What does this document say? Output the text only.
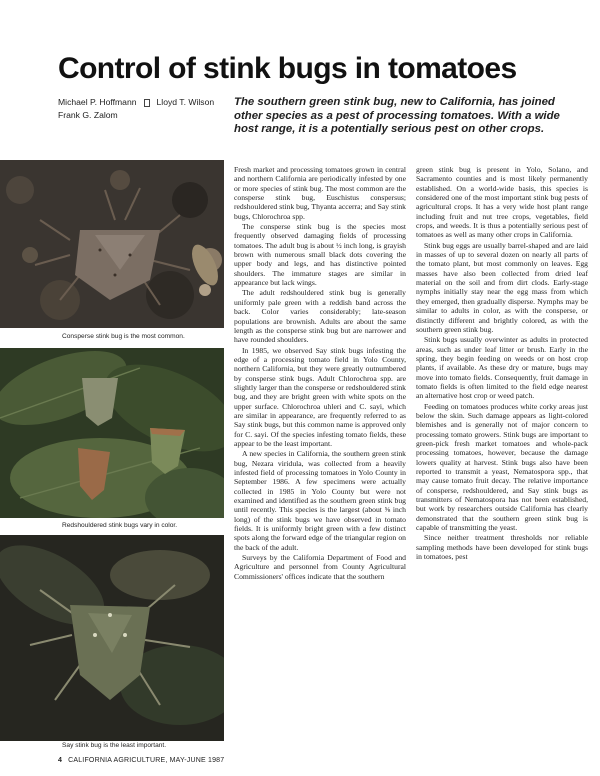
Control of stink bugs in tomatoes
Michael P. Hoffmann Lloyd T. Wilson
Frank G. Zalom
The southern green stink bug, new to California, has joined other species as a pest of processing tomatoes. With a wide host range, it is a potentially serious pest on other crops.
Consperse stink bug is the most common.
Redshouldered stink bugs vary in color.
Say stink bug is the least important.

Fresh market and processing tomatoes grown in central and northern California are periodically infested by one or more species of stink bug. The most common are the consperse stink bug, Euschistus conspersus; redshouldered stink bug, Thyanta accerra; and Say stink bugs, Chlorochroa spp.

The consperse stink bug is the species most frequently observed damaging fields of processing tomatoes. The adult bug is about ½ inch long, is grayish brown with numerous small black dots covering the upper body and legs, and has distinctive pointed shoulders. The immature stages are similar in appearance but lack wings.

The adult redshouldered stink bug is generally uniformly pale green with a reddish band across the back. Color varies considerably; late-season populations are brownish. Adults are about the same length as the consperse stink bug but are narrower and have rounded shoulders.

In 1985, we observed Say stink bugs infesting the edge of a processing tomato field in Yolo County, northern California, but they were greatly outnumbered by consperse stink bugs. Adult Chlorochroa spp. are slightly larger than the consperse or redshouldered stink bug, and they are bright green with white spots on the upper surface. Chlorochroa uhleri and C. sayi, which are similar in appearance, are frequently referred to as Say stink bugs, but this common name is approved only for C. sayi. Of the species infesting tomato fields, these appear to be the least important.

A new species in California, the southern green stink bug, Nezara viridula, was collected from a heavily infested field of processing tomatoes in Yolo County in September 1986. A few specimens were actually collected in 1985 in Yolo County but were not examined and identified as the southern green stink bug until recently. This species is the largest (about ⅝ inch long) of the stink bugs we have observed in tomato fields. It is uniformly bright green with a few distinct spots along the forward edge of the triangular region on the back of the adult.

Surveys by the California Department of Food and Agriculture and personnel from County Agricultural Commissioners' offices indicate that the southern

green stink bug is present in Yolo, Solano, and Sacramento counties and is most likely permanently established. On a world-wide basis, this species is considered one of the most important stink bug pests of agricultural crops. It has a very wide host plant range including fruit and nut tree crops, vegetables, field crops, and weeds. It is thus a potentially serious pest of tomatoes as well as many other crops in California.

Stink bug eggs are usually barrel-shaped and are laid in masses of up to several dozen on nearly all parts of the tomato plant, but most commonly on leaves. Egg masses have also been collected from dried leaf material on the soil and from dirt clods. Early-stage nymphs initially stay near the egg mass from which they emerged, then gradually disperse. Nymphs may be similar to adults in color, as with the consperse, or distinctly different and brightly colored, as with the southern green stink bug.

Stink bugs usually overwinter as adults in protected areas, such as under leaf litter or brush. Early in the spring, they begin feeding on weeds or on host crop plants, if available. As these dry or mature, bugs may move into tomato fields. Consequently, fruit damage in tomato fields is often limited to the field edge nearest an alternative host crop or weed patch.

Feeding on tomatoes produces white corky areas just below the skin. Such damage appears as light-colored blemishes and is generally not of major concern to processing tomato growers. Stink bugs are important to green-pick fresh market tomatoes and whole-pack processing tomatoes, however, because the damage lowers quality at harvest. Stink bugs also have been reported to transmit a yeast, Nematospora spp., that may cause tomato fruit decay. The relative importance of consperse, redshouldered, and Say stink bugs as transmitters of Nematospora has not been established, but work by researchers outside California has clearly demonstrated that the southern green stink bug is capable of transmitting the yeast.

Since neither treatment thresholds nor reliable sampling methods have been developed for stink bugs in tomatoes, pest

4 CALIFORNIA AGRICULTURE, MAY-JUNE 1987
